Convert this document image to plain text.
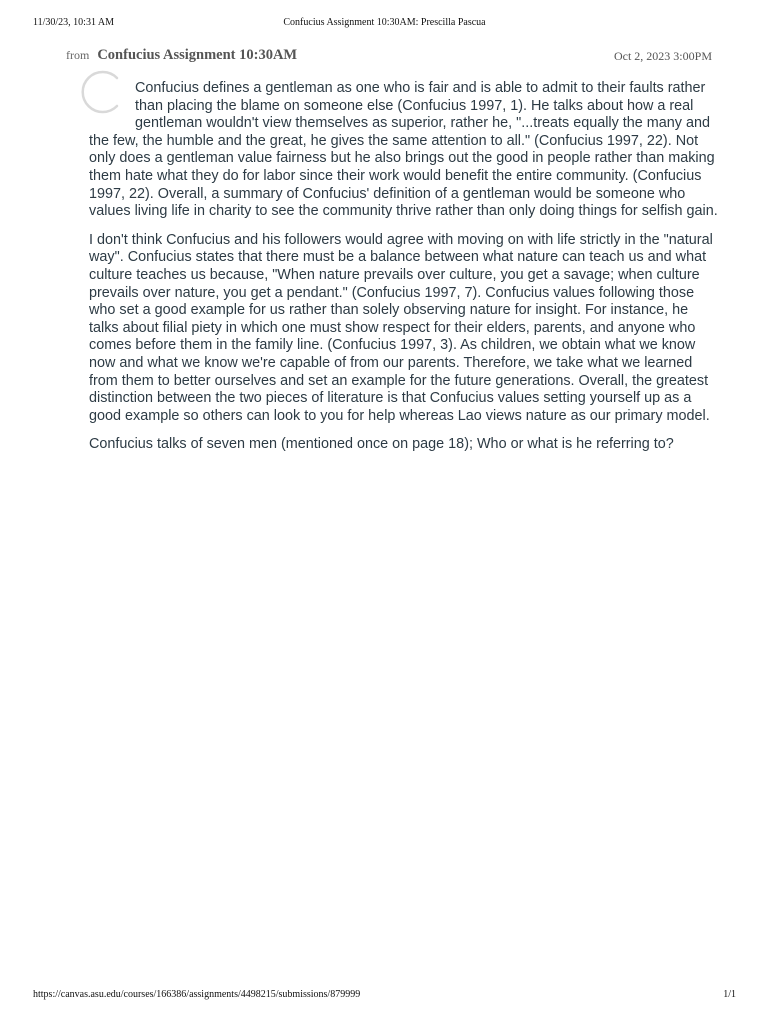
11/30/23, 10:31 AM	Confucius Assignment 10:30AM: Prescilla Pascua
from Confucius Assignment 10:30AM	Oct 2, 2023 3:00PM

Confucius defines a gentleman as one who is fair and is able to admit to their faults rather than placing the blame on someone else (Confucius 1997, 1). He talks about how a real gentleman wouldn't view themselves as superior, rather he, "...treats equally the many and the few, the humble and the great, he gives the same attention to all." (Confucius 1997, 22). Not only does a gentleman value fairness but he also brings out the good in people rather than making them hate what they do for labor since their work would benefit the entire community. (Confucius 1997, 22). Overall, a summary of Confucius' definition of a gentleman would be someone who values living life in charity to see the community thrive rather than only doing things for selfish gain.

I don't think Confucius and his followers would agree with moving on with life strictly in the "natural way". Confucius states that there must be a balance between what nature can teach us and what culture teaches us because, "When nature prevails over culture, you get a savage; when culture prevails over nature, you get a pendant." (Confucius 1997, 7). Confucius values following those who set a good example for us rather than solely observing nature for insight. For instance, he talks about filial piety in which one must show respect for their elders, parents, and anyone who comes before them in the family line. (Confucius 1997, 3). As children, we obtain what we know now and what we know we're capable of from our parents. Therefore, we take what we learned from them to better ourselves and set an example for the future generations. Overall, the greatest distinction between the two pieces of literature is that Confucius values setting yourself up as a good example so others can look to you for help whereas Lao views nature as our primary model.

Confucius talks of seven men (mentioned once on page 18); Who or what is he referring to?

https://canvas.asu.edu/courses/166386/assignments/4498215/submissions/879999	1/1
